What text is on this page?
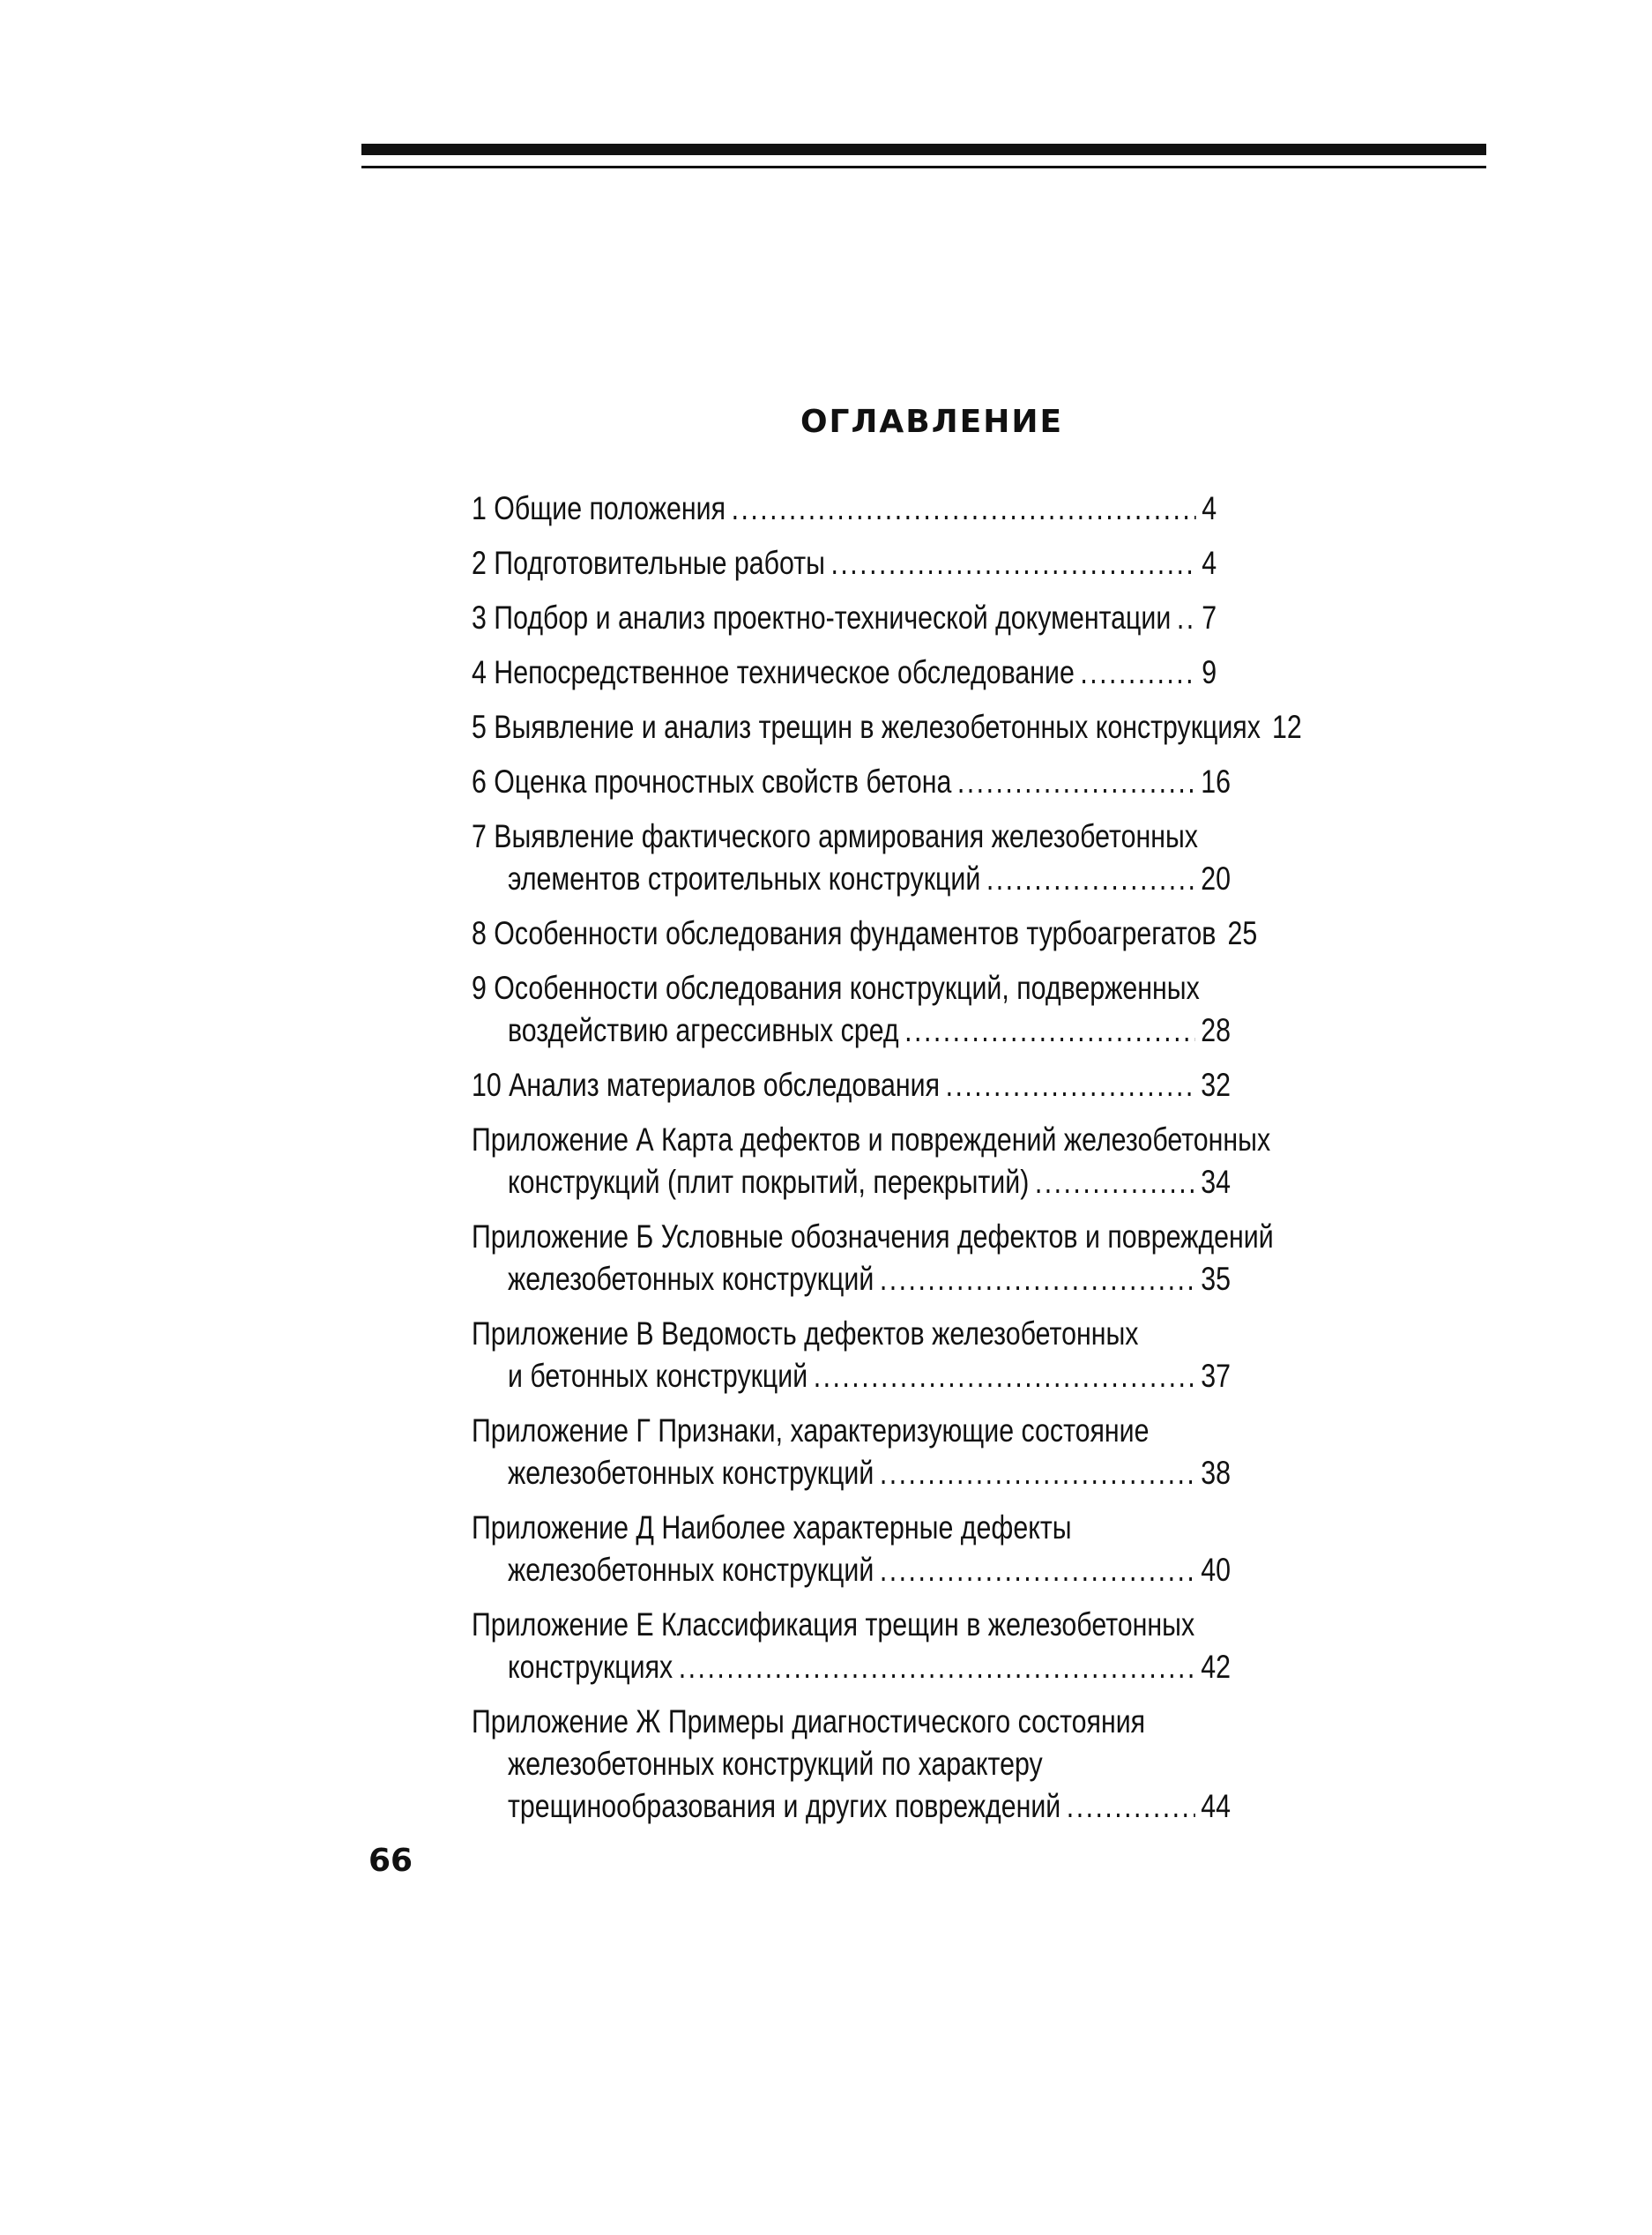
ОГЛАВЛЕНИЕ
1 Общие положения .....	4
2 Подготовительные работы .....	4
3 Подбор и анализ проектно-технической документации ..... 7
4 Непосредственное техническое обследование .....	9
5 Выявление и анализ трещин в железобетонных конструкциях 12
6 Оценка прочностных свойств бетона .....	16
7 Выявление фактического армирования железобетонных
элементов строительных конструкций .....	20
8 Особенности обследования фундаментов турбоагрегатов 25
9 Особенности обследования конструкций, подверженных
воздействию агрессивных сред .....	28
10 Анализ материалов обследования .....	32
Приложение А Карта дефектов и повреждений железобетонных
конструкций (плит покрытий, перекрытий) .....	34
Приложение Б Условные обозначения дефектов и повреждений
железобетонных конструкций .....	35
Приложение В Ведомость дефектов железобетонных
и бетонных конструкций .....	37
Приложение Г Признаки, характеризующие состояние
железобетонных конструкций .....	38
Приложение Д Наиболее характерные дефекты
железобетонных конструкций .....	40
Приложение Е Классификация трещин в железобетонных
конструкциях .....	42
Приложение Ж Примеры диагностического состояния
железобетонных конструкций по характеру
трещинообразования и других повреждений .....	44
66
